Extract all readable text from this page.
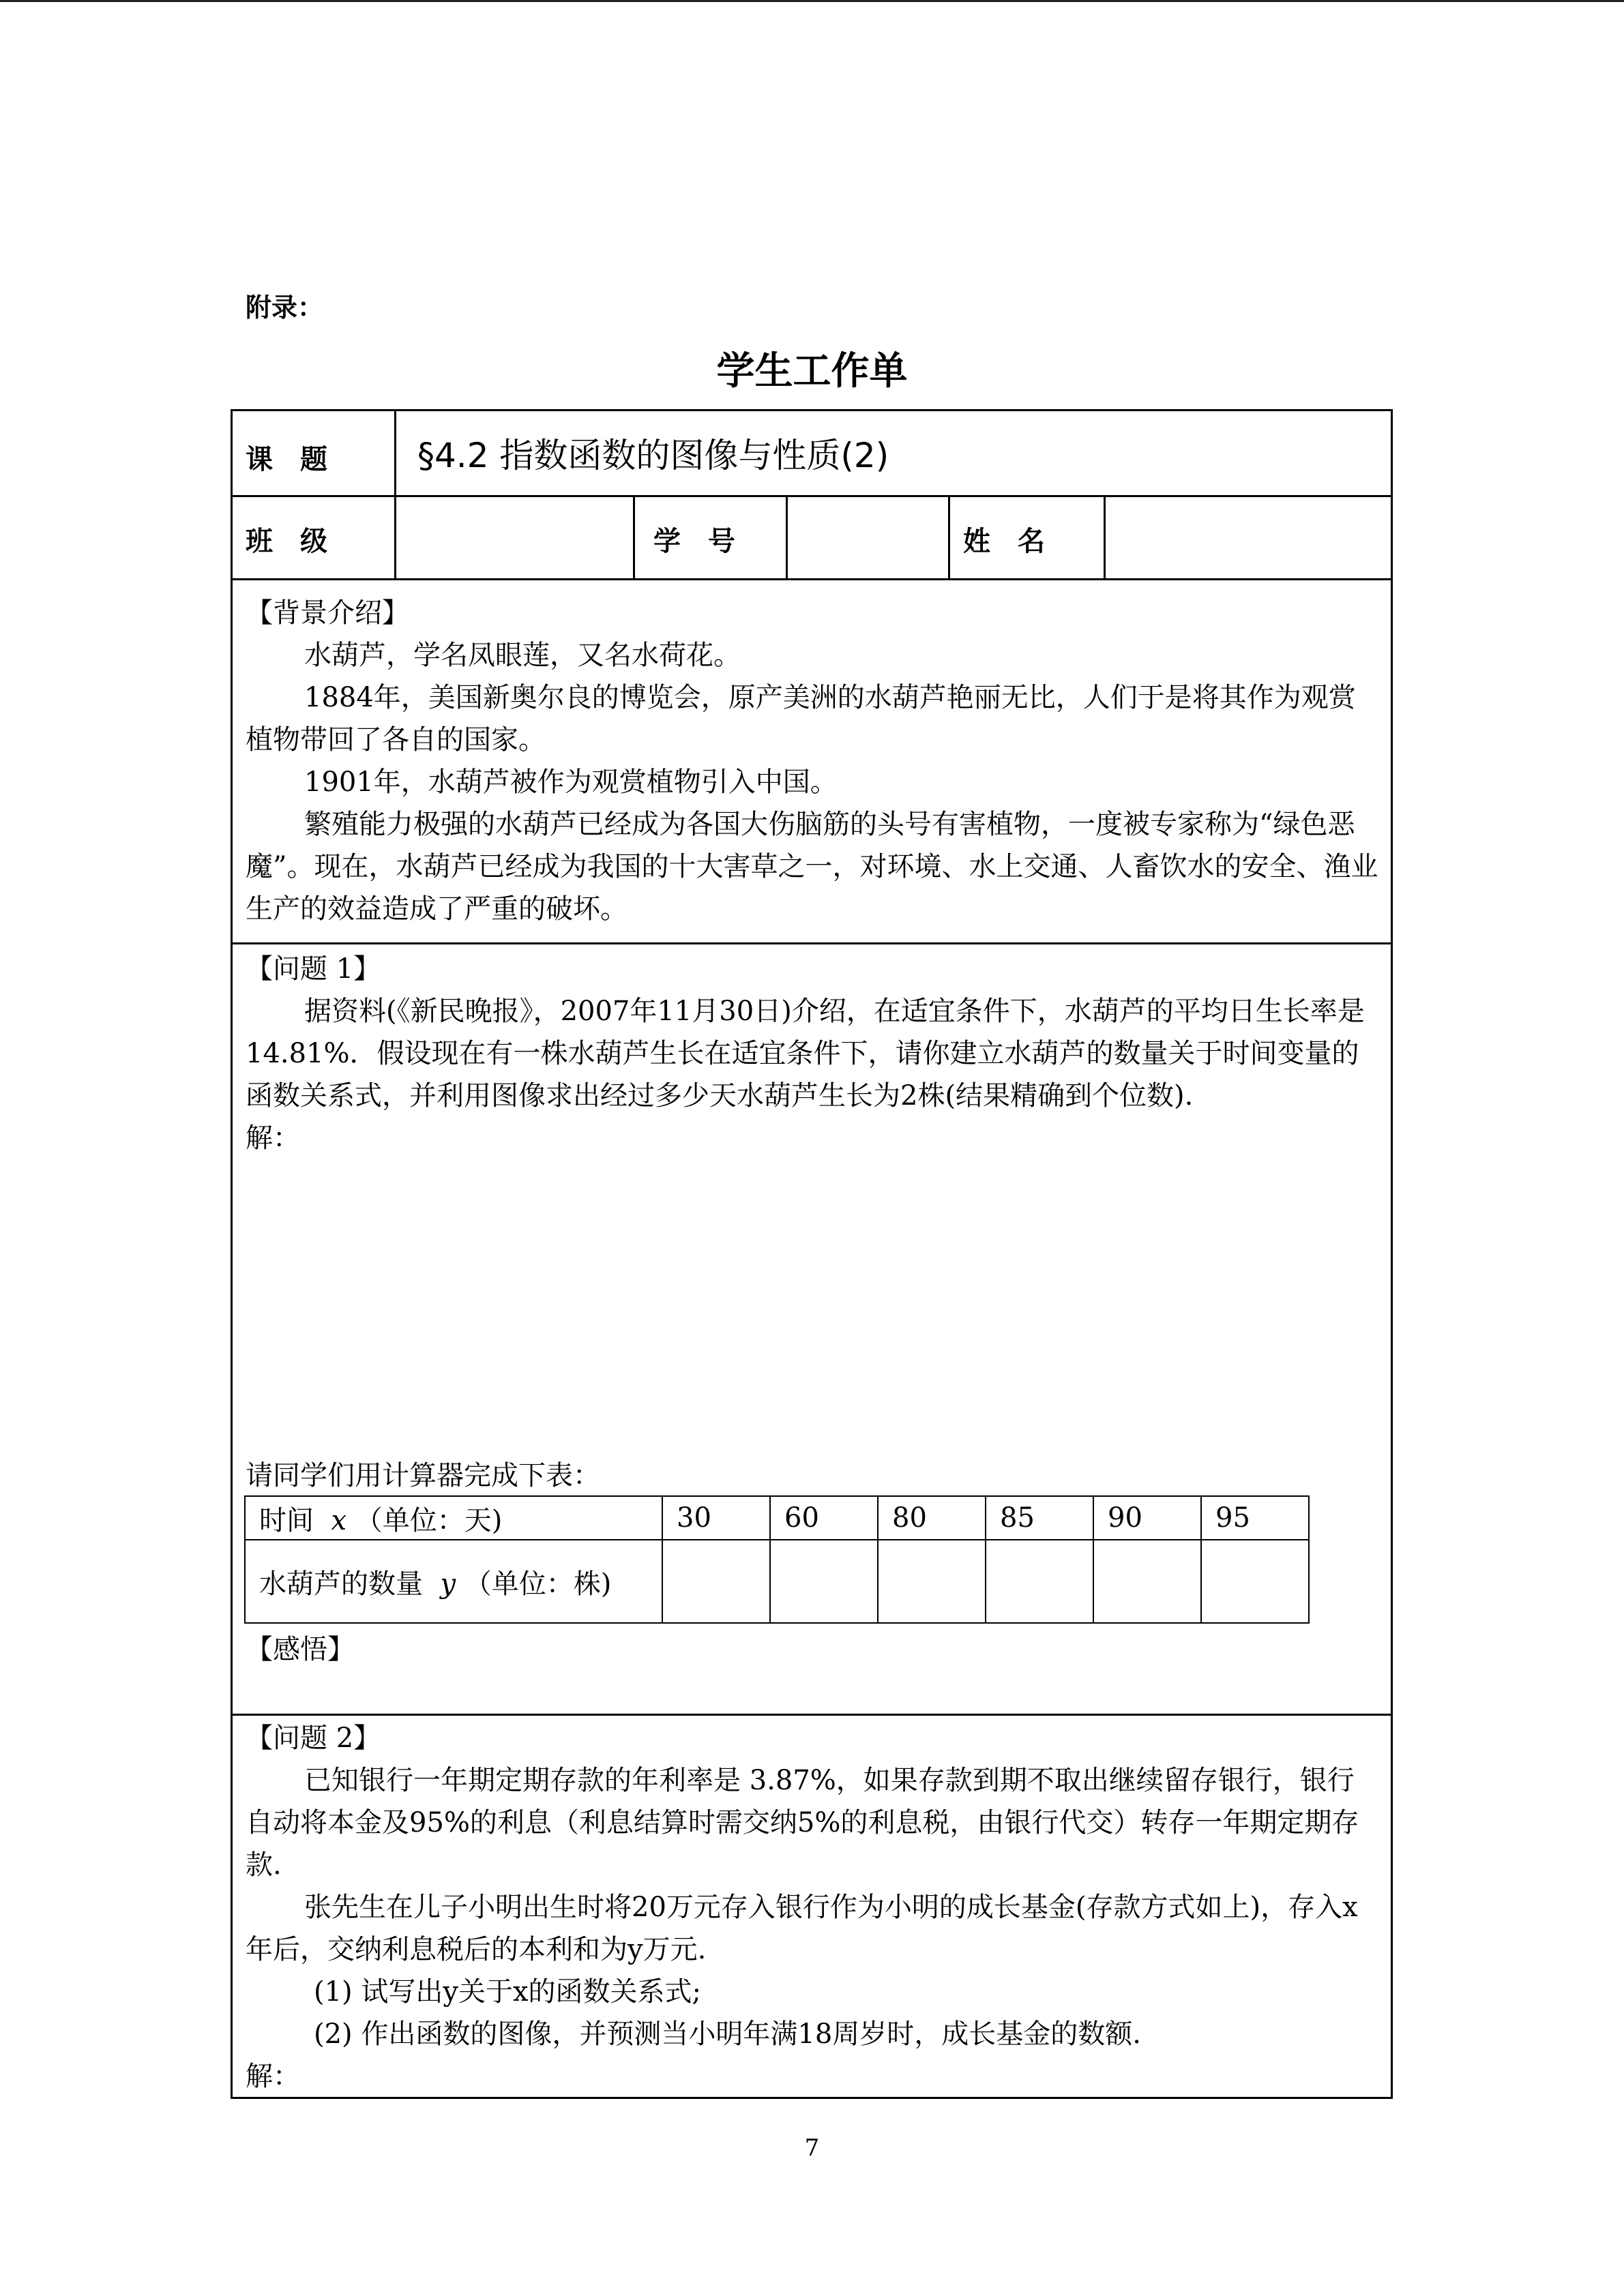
附录：
学生工作单
课　题	§4.2 指数函数的图像与性质(2)
班　级	学　号	姓　名

【背景介绍】

水葫芦，学名凤眼莲，又名水荷花。

1884年，美国新奥尔良的博览会，原产美洲的水葫芦艳丽无比，人们于是将其作为观赏植物带回了各自的国家。

1901年，水葫芦被作为观赏植物引入中国。

繁殖能力极强的水葫芦已经成为各国大伤脑筋的头号有害植物，一度被专家称为“绿色恶魔”。现在，水葫芦已经成为我国的十大害草之一，对环境、水上交通、人畜饮水的安全、渔业生产的效益造成了严重的破坏。

【问题 1】

据资料(《新民晚报》，2007年11月30日)介绍，在适宜条件下，水葫芦的平均日生长率是14.81%．假设现在有一株水葫芦生长在适宜条件下，请你建立水葫芦的数量关于时间变量的函数关系式，并利用图像求出经过多少天水葫芦生长为2株(结果精确到个位数).

解：

请同学们用计算器完成下表：
时间 x （单位：天)	30	60	80	85	90	95
水葫芦的数量 y （单位：株)						
【感悟】

【问题 2】

已知银行一年期定期存款的年利率是 3.87%，如果存款到期不取出继续留存银行，银行自动将本金及95%的利息（利息结算时需交纳5%的利息税，由银行代交）转存一年期定期存款.

张先生在儿子小明出生时将20万元存入银行作为小明的成长基金(存款方式如上)，存入x年后，交纳利息税后的本利和为y万元.

(1) 试写出y关于x的函数关系式;

(2) 作出函数的图像，并预测当小明年满18周岁时，成长基金的数额.

解：

7
